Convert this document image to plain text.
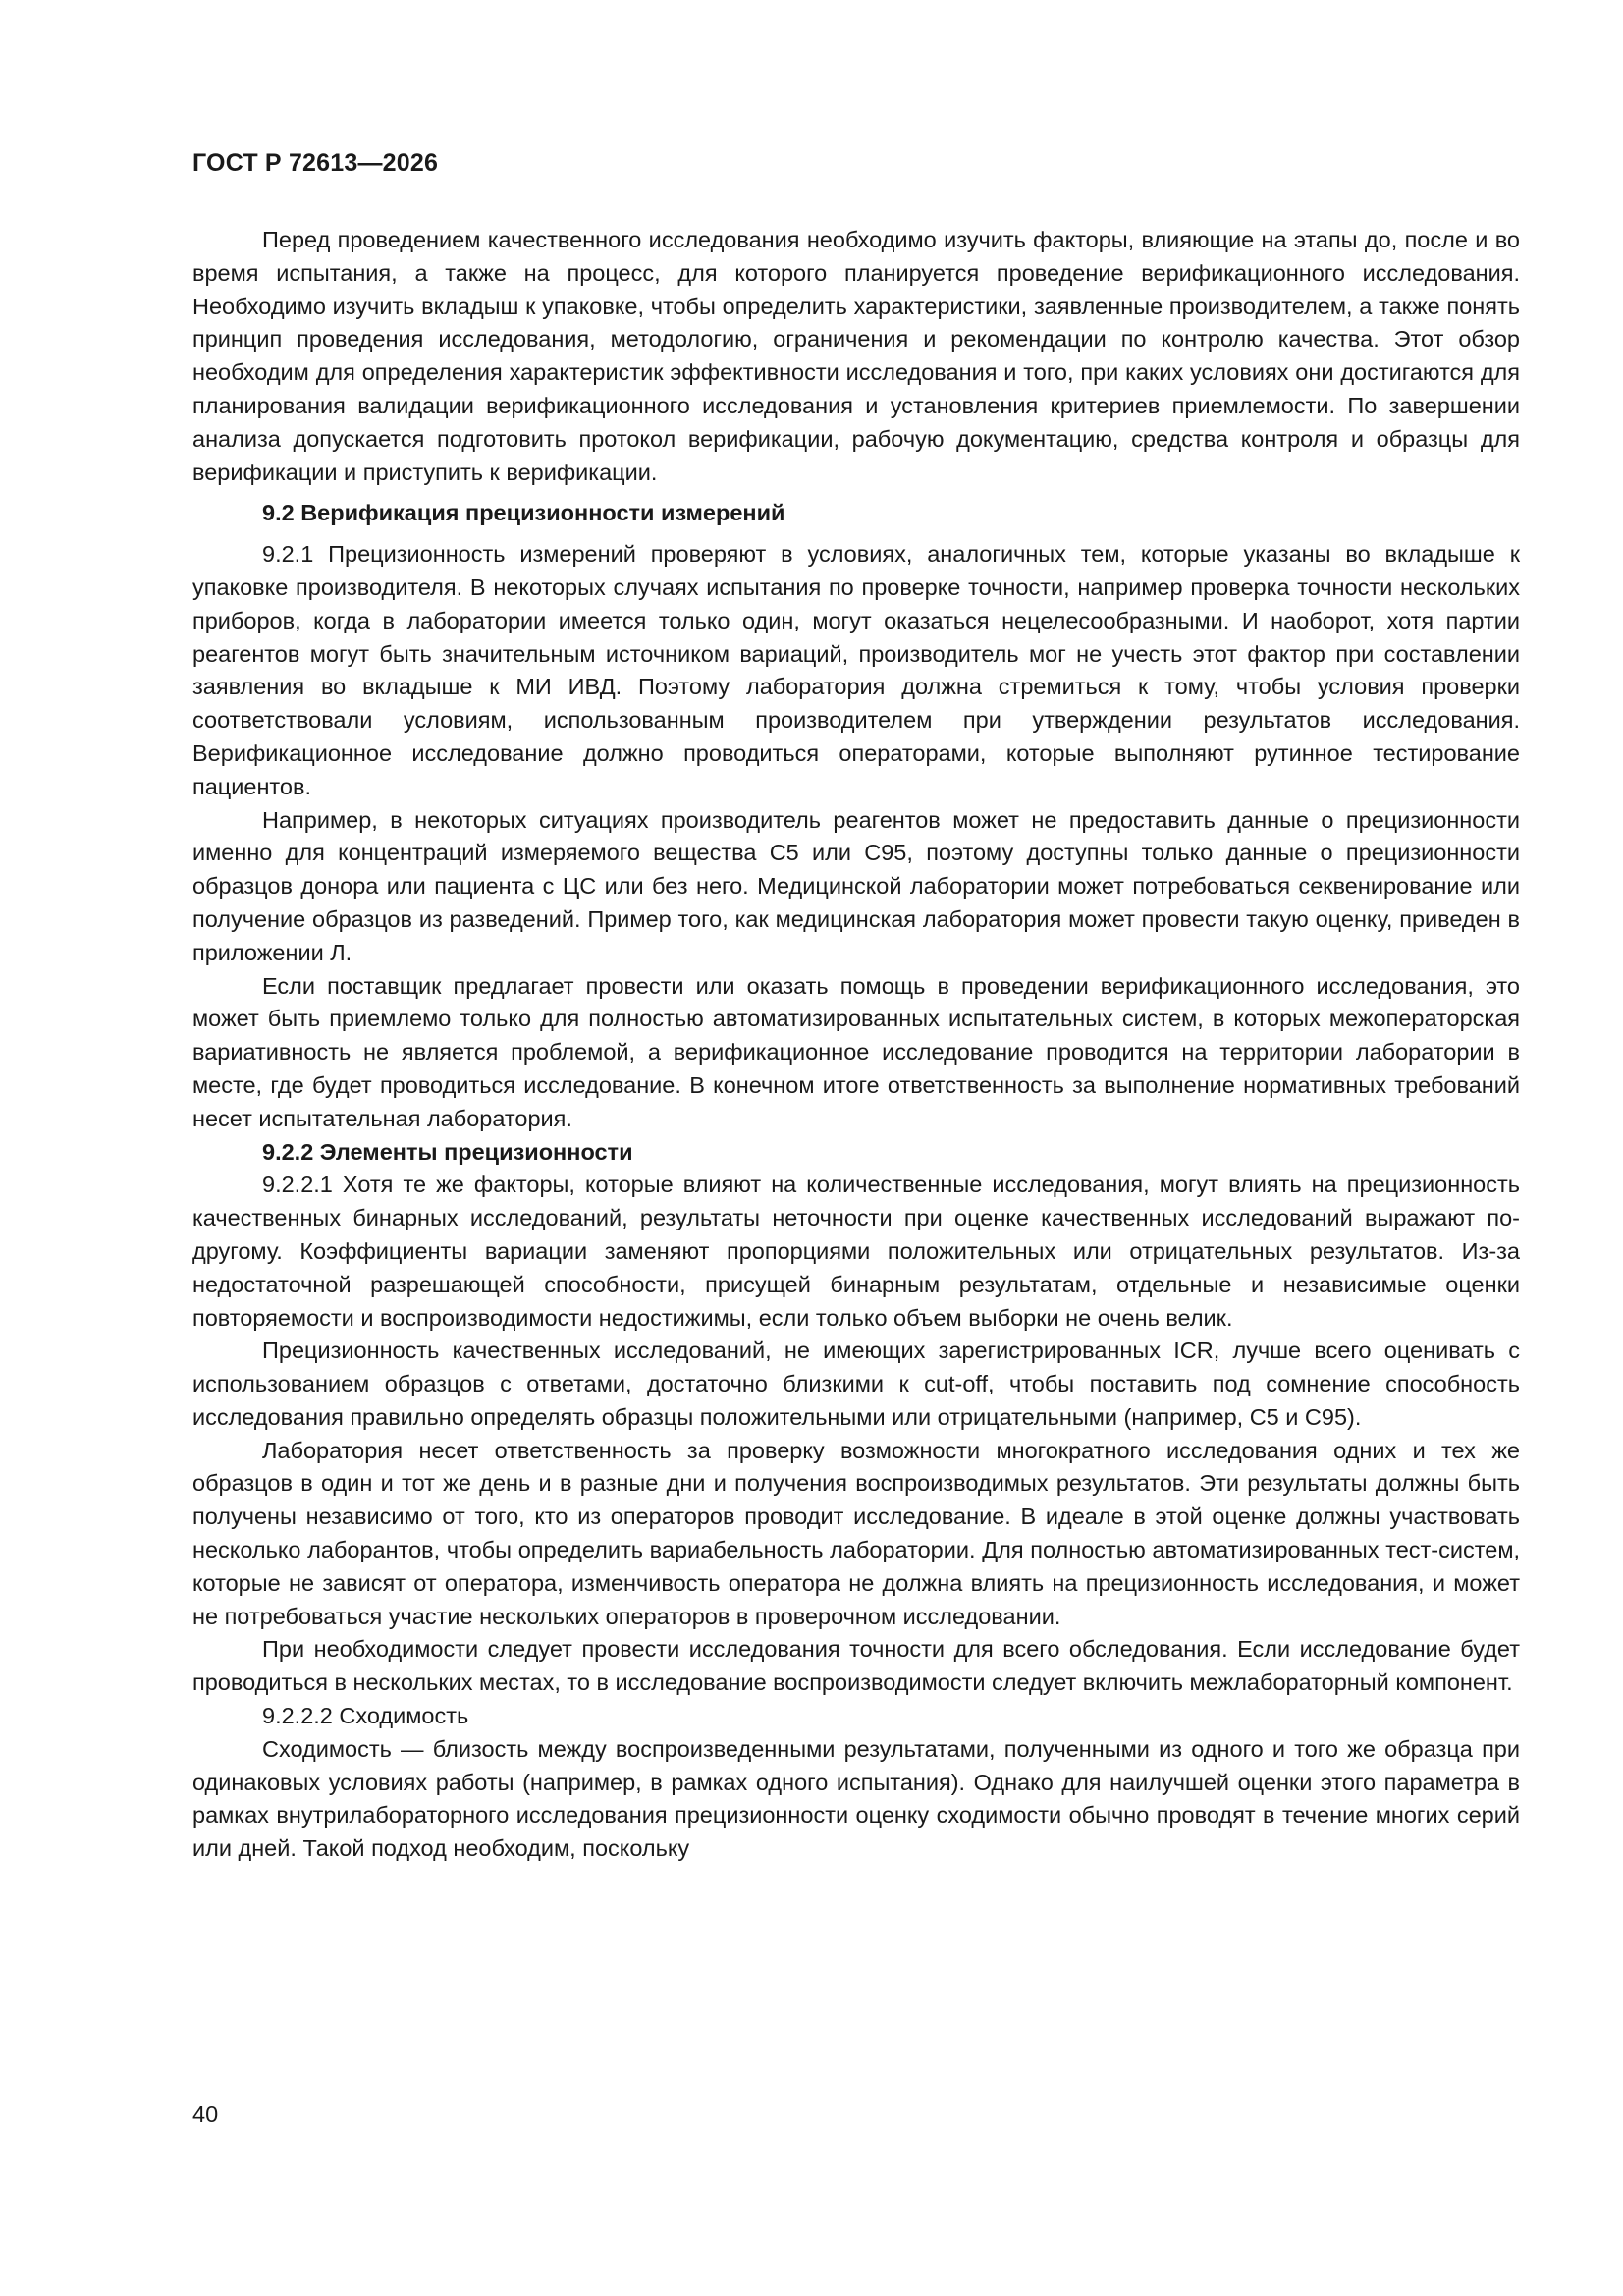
ГОСТ Р 72613—2026

Перед проведением качественного исследования необходимо изучить факторы, влияющие на этапы до, после и во время испытания, а также на процесс, для которого планируется проведение верификационного исследования. Необходимо изучить вкладыш к упаковке, чтобы определить характеристики, заявленные производителем, а также понять принцип проведения исследования, методологию, ограничения и рекомендации по контролю качества. Этот обзор необходим для определения характеристик эффективности исследования и того, при каких условиях они достигаются для планирования валидации верификационного исследования и установления критериев приемлемости. По завершении анализа допускается подготовить протокол верификации, рабочую документацию, средства контроля и образцы для верификации и приступить к верификации.

9.2 Верификация прецизионности измерений

9.2.1 Прецизионность измерений проверяют в условиях, аналогичных тем, которые указаны во вкладыше к упаковке производителя. В некоторых случаях испытания по проверке точности, например проверка точности нескольких приборов, когда в лаборатории имеется только один, могут оказаться нецелесообразными. И наоборот, хотя партии реагентов могут быть значительным источником вариаций, производитель мог не учесть этот фактор при составлении заявления во вкладыше к МИ ИВД. Поэтому лаборатория должна стремиться к тому, чтобы условия проверки соответствовали условиям, использованным производителем при утверждении результатов исследования. Верификационное исследование должно проводиться операторами, которые выполняют рутинное тестирование пациентов.

Например, в некоторых ситуациях производитель реагентов может не предоставить данные о прецизионности именно для концентраций измеряемого вещества С5 или С95, поэтому доступны только данные о прецизионности образцов донора или пациента с ЦС или без него. Медицинской лаборатории может потребоваться секвенирование или получение образцов из разведений. Пример того, как медицинская лаборатория может провести такую оценку, приведен в приложении Л.

Если поставщик предлагает провести или оказать помощь в проведении верификационного исследования, это может быть приемлемо только для полностью автоматизированных испытательных систем, в которых межоператорская вариативность не является проблемой, а верификационное исследование проводится на территории лаборатории в месте, где будет проводиться исследование. В конечном итоге ответственность за выполнение нормативных требований несет испытательная лаборатория.

9.2.2 Элементы прецизионности

9.2.2.1 Хотя те же факторы, которые влияют на количественные исследования, могут влиять на прецизионность качественных бинарных исследований, результаты неточности при оценке качественных исследований выражают по-другому. Коэффициенты вариации заменяют пропорциями положительных или отрицательных результатов. Из-за недостаточной разрешающей способности, присущей бинарным результатам, отдельные и независимые оценки повторяемости и воспроизводимости недостижимы, если только объем выборки не очень велик.

Прецизионность качественных исследований, не имеющих зарегистрированных ICR, лучше всего оценивать с использованием образцов с ответами, достаточно близкими к cut-off, чтобы поставить под сомнение способность исследования правильно определять образцы положительными или отрицательными (например, С5 и С95).

Лаборатория несет ответственность за проверку возможности многократного исследования одних и тех же образцов в один и тот же день и в разные дни и получения воспроизводимых результатов. Эти результаты должны быть получены независимо от того, кто из операторов проводит исследование. В идеале в этой оценке должны участвовать несколько лаборантов, чтобы определить вариабельность лаборатории. Для полностью автоматизированных тест-систем, которые не зависят от оператора, изменчивость оператора не должна влиять на прецизионность исследования, и может не потребоваться участие нескольких операторов в проверочном исследовании.

При необходимости следует провести исследования точности для всего обследования. Если исследование будет проводиться в нескольких местах, то в исследование воспроизводимости следует включить межлабораторный компонент.

9.2.2.2 Сходимость

Сходимость — близость между воспроизведенными результатами, полученными из одного и того же образца при одинаковых условиях работы (например, в рамках одного испытания). Однако для наилучшей оценки этого параметра в рамках внутрилабораторного исследования прецизионности оценку сходимости обычно проводят в течение многих серий или дней. Такой подход необходим, поскольку

40
